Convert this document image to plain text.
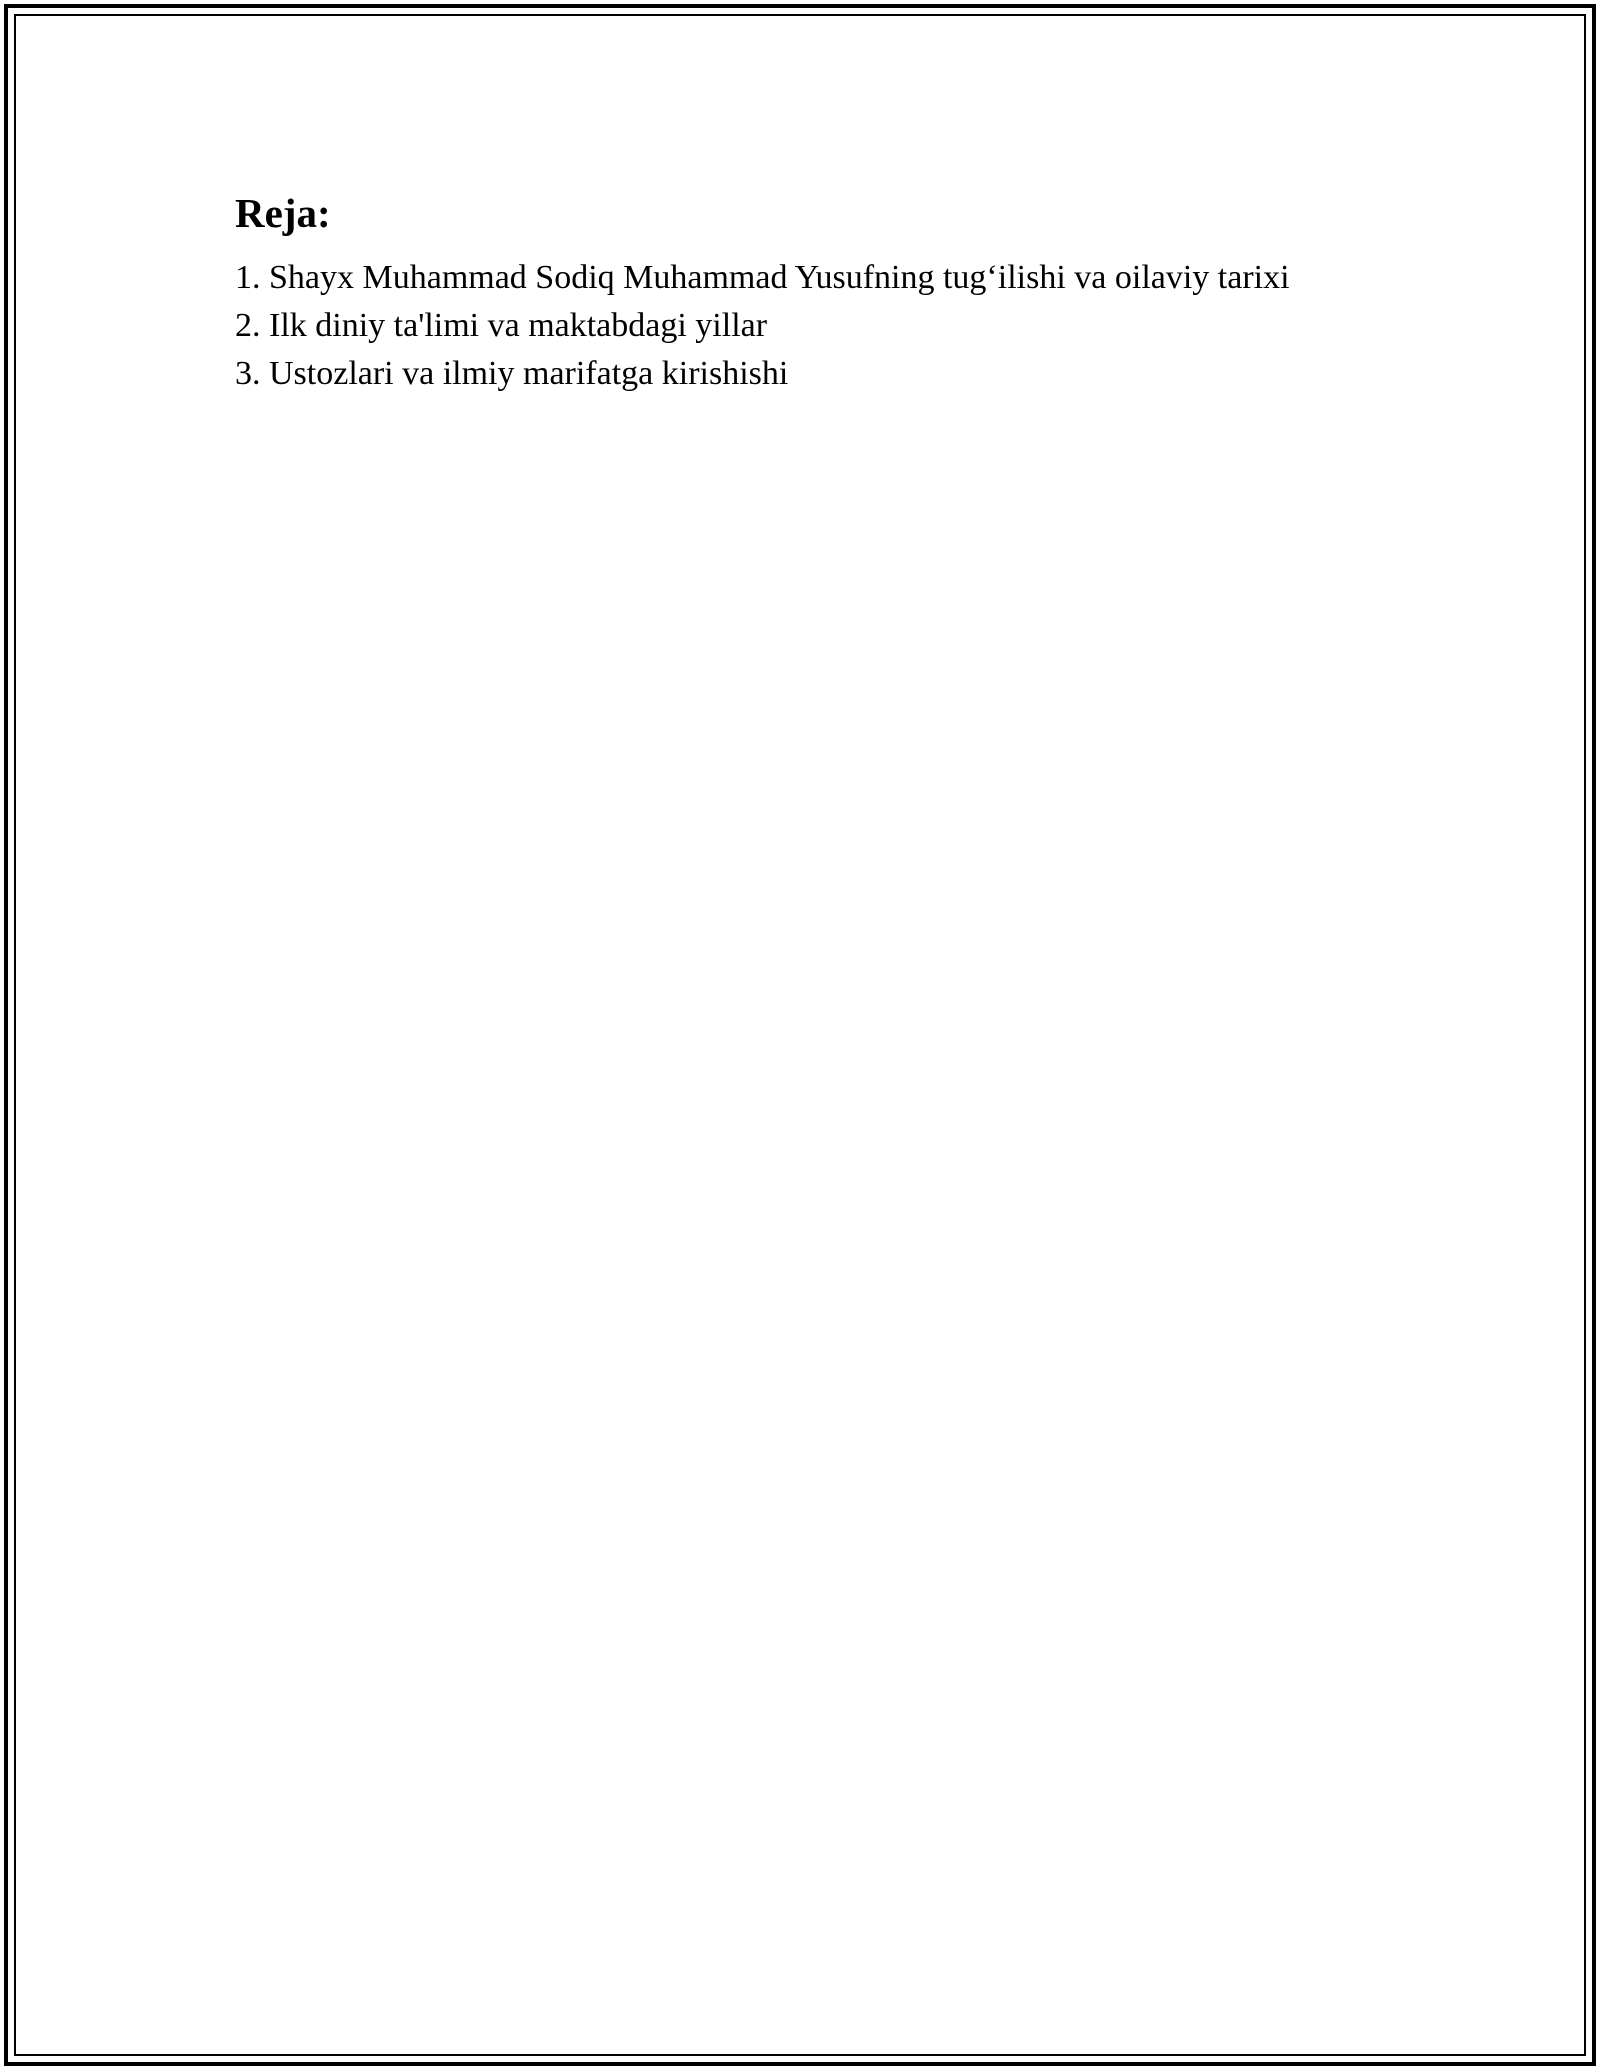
Reja:
1. Shayx Muhammad Sodiq Muhammad Yusufning tug‘ilishi va oilaviy tarixi
2. Ilk diniy ta'limi va maktabdagi yillar
3. Ustozlari va ilmiy marifatga kirishishi
